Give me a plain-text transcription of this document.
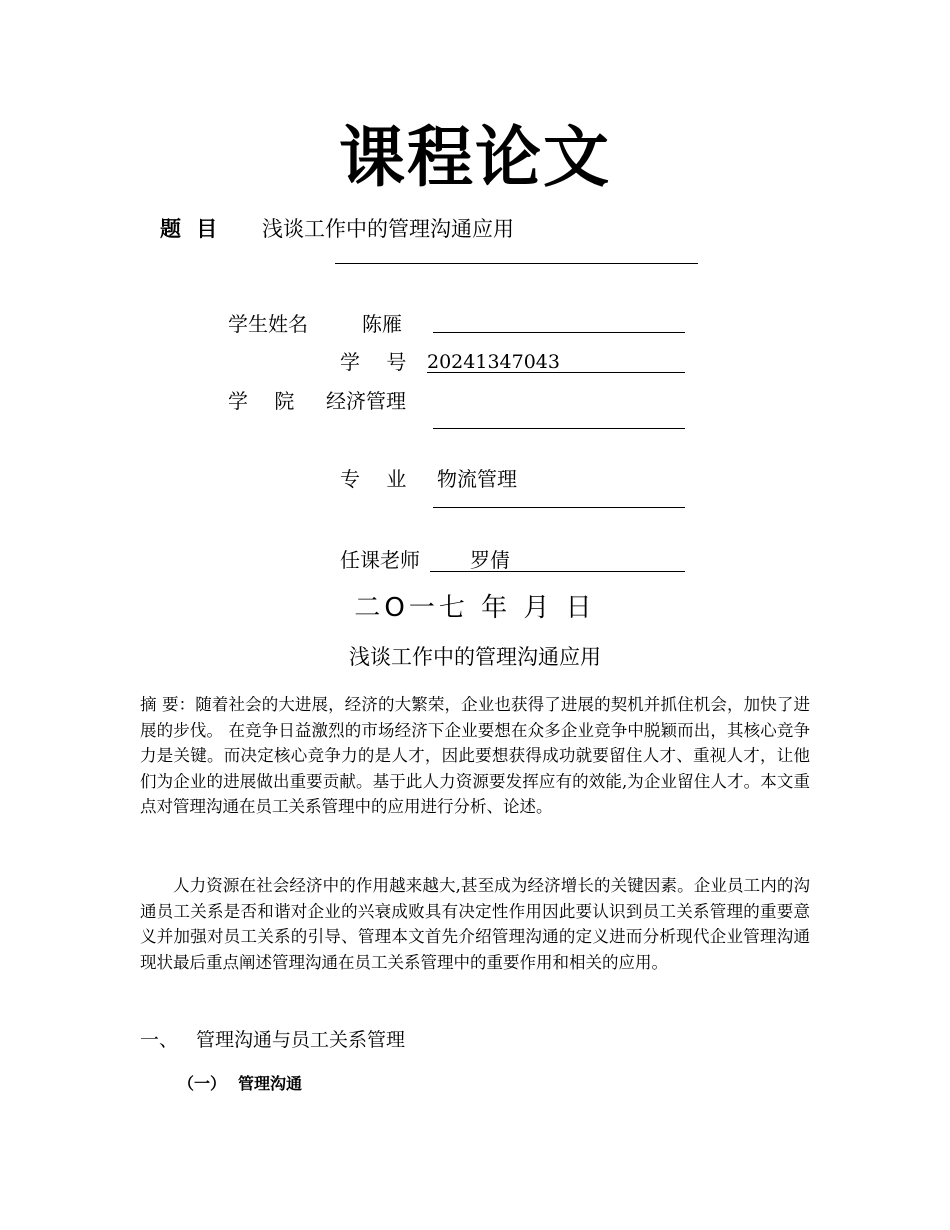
课程论文
题 目 浅谈工作中的管理沟通应用
学生姓名	陈雁
学 号 20241347043
学 院 经济管理
专 业 物流管理
任课老师	罗倩
二O一七 年 月 日
浅谈工作中的管理沟通应用
摘 要：随着社会的大进展，经济的大繁荣，企业也获得了进展的契机并抓住机会，加快了进展的步伐。 在竞争日益激烈的市场经济下企业要想在众多企业竞争中脱颖而出，其核心竞争力是关键。而决定核心竞争力的是人才，因此要想获得成功就要留住人才、重视人才，让他们为企业的进展做出重要贡献。基于此人力资源要发挥应有的效能,为企业留住人才。本文重点对管理沟通在员工关系管理中的应用进行分析、论述。
人力资源在社会经济中的作用越来越大,甚至成为经济增长的关键因素。企业员工内的沟通员工关系是否和谐对企业的兴衰成败具有决定性作用因此要认识到员工关系管理的重要意义并加强对员工关系的引导、管理本文首先介绍管理沟通的定义进而分析现代企业管理沟通现状最后重点阐述管理沟通在员工关系管理中的重要作用和相关的应用。
一、 管理沟通与员工关系管理
（一） 管理沟通
